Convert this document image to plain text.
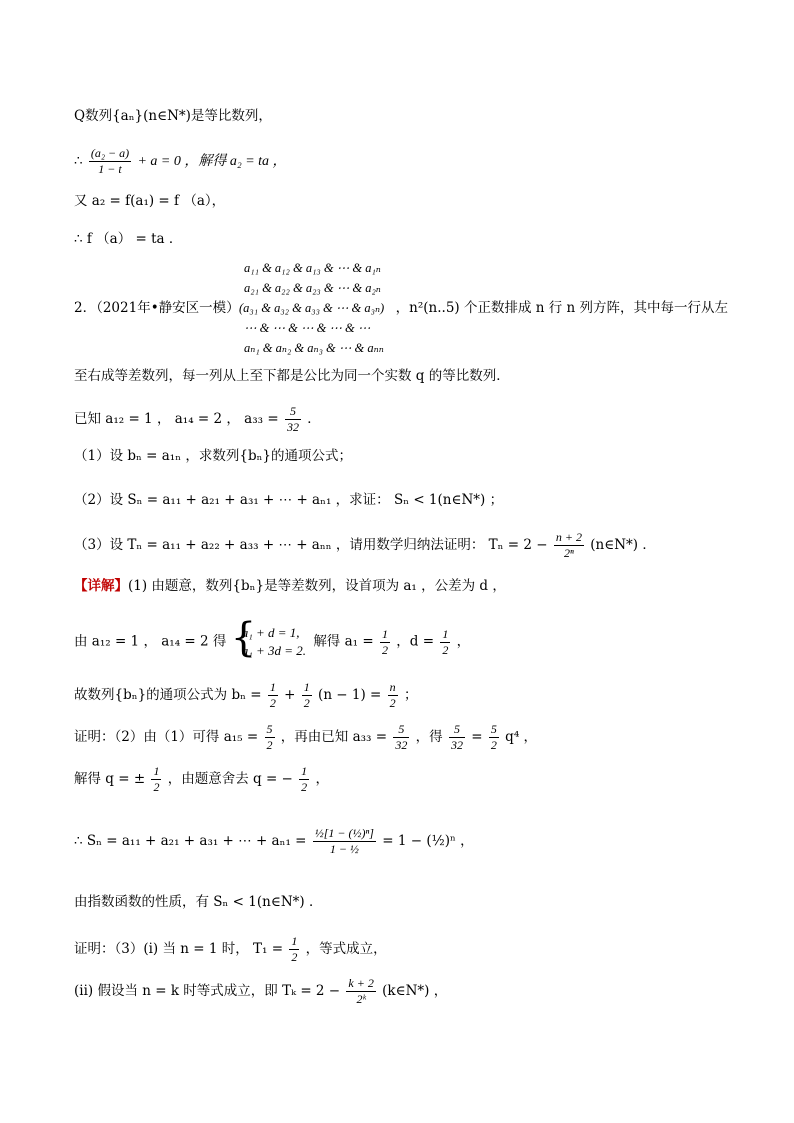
Q数列{aₙ}(n∈N*)是等比数列，
∴ $\frac{\text{(a₂ − a)}}{1 - t} + a = 0$ ，解得 a₂ = ta ，
又 a₂ = f(a₁) = f （a），
∴ f （a） = ta ．
a₁₁ & a₁₂ & a₁₃ & ⋯ & a₁ₙ
a₂₁ & a₂₂ & a₂₃ & ⋯ & a₂ₙ
(a₃₁ & a₃₂ & a₃₃ & ⋯ & a₃ₙ)
⋯ & ⋯ & ⋯ & ⋯ & ⋯
aₙ₁ & aₙ₂ & aₙ₃ & ⋯ & aₙₙ
2．（2021年•静安区一模）	，n²(n..5) 个正数排成 n 行 n 列方阵，其中每一行从左
至右成等差数列，每一列从上至下都是公比为同一个实数 q 的等比数列．
已知 a₁₂ = 1 ， a₁₄ = 2 ， $a_{33} = \frac{5}{32}$ ．
（1）设 bₙ = a₁ₙ ，求数列{bₙ}的通项公式；
（2）设 Sₙ = a₁₁ + a₂₁ + a₃₁ + ⋯ + aₙ₁ ，求证： Sₙ < 1(n∈N*) ；
（3）设 Tₙ = a₁₁ + a₂₂ + a₃₃ + ⋯ + aₙₙ ，请用数学归纳法证明： $T_n = 2 - \frac{n + 2}{\text{2ⁿ}}$ (n∈N*) ．
【详解】(1) 由题意，数列{bₙ}是等差数列，设首项为 a₁ ，公差为 d ，
由 a₁₂ = 1 ， a₁₄ = 2 得
{ a₁ + d = 1,
a₁ + 3d = 2.
解得 $a_1 = \frac{1}{2}$ ，$d = \frac{1}{2}$ ，
故数列{bₙ}的通项公式为 $b_n = \frac{1}{2} + \frac{1}{2} (n - 1) = \frac{n}{2}$ ；
证明：（2）由（1）可得 $a_{15} = \frac{5}{2}$ ，再由已知 $a_{33} = \frac{5}{32}$ ，得 $\frac{5}{32} = \frac{5}{2} q^4$ ，
解得 q = ± $\frac{1}{2}$ ，由题意舍去 q = − $\frac{1}{2}$ ，
∴ Sₙ = a₁₁ + a₂₁ + a₃₁ + ⋯ + $a_{n1} = \frac{\text{½[1 − (½)ⁿ]}}{\text{1 − ½}} = 1$ − (½)ⁿ ，
由指数函数的性质，有 Sₙ < 1(n∈N*) ．
证明：（3）(i) 当 n = 1 时， $T_1 = \frac{1}{2}$ ，等式成立，
(ii) 假设当 n = k 时等式成立，即 $T_k = 2 - \frac{k + 2}{\text{2ᵏ}}$ (k∈N*) ，
